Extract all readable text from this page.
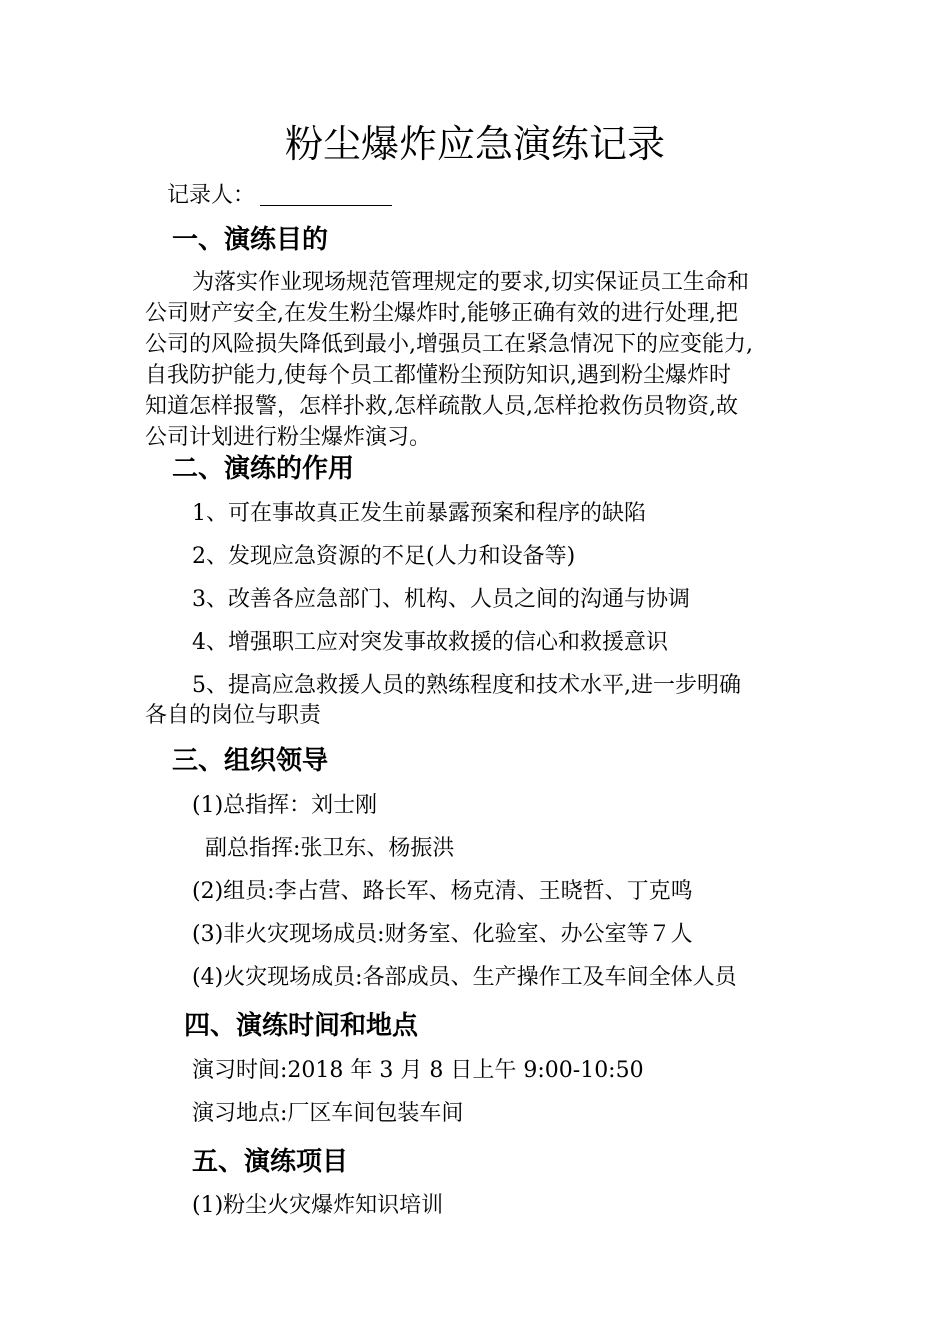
粉尘爆炸应急演练记录
记录人：
一、演练目的
为落实作业现场规范管理规定的要求,切实保证员工生命和
公司财产安全,在发生粉尘爆炸时,能够正确有效的进行处理,把
公司的风险损失降低到最小,增强员工在紧急情况下的应变能力,
自我防护能力,使每个员工都懂粉尘预防知识,遇到粉尘爆炸时
知道怎样报警，怎样扑救,怎样疏散人员,怎样抢救伤员物资,故
公司计划进行粉尘爆炸演习。
二、演练的作用
1、可在事故真正发生前暴露预案和程序的缺陷
2、发现应急资源的不足(人力和设备等)
3、改善各应急部门、机构、人员之间的沟通与协调
4、增强职工应对突发事故救援的信心和救援意识
5、提高应急救援人员的熟练程度和技术水平,进一步明确
各自的岗位与职责
三、组织领导
(1)总指挥：刘士刚
副总指挥:张卫东、杨振洪
(2)组员:李占营、路长军、杨克清、王晓哲、丁克鸣
(3)非火灾现场成员:财务室、化验室、办公室等７人
(4)火灾现场成员:各部成员、生产操作工及车间全体人员
四、演练时间和地点
演习时间:2018 年 3 月 8 日上午 9:00-10:50
演习地点:厂区车间包装车间
五、演练项目
(1)粉尘火灾爆炸知识培训
